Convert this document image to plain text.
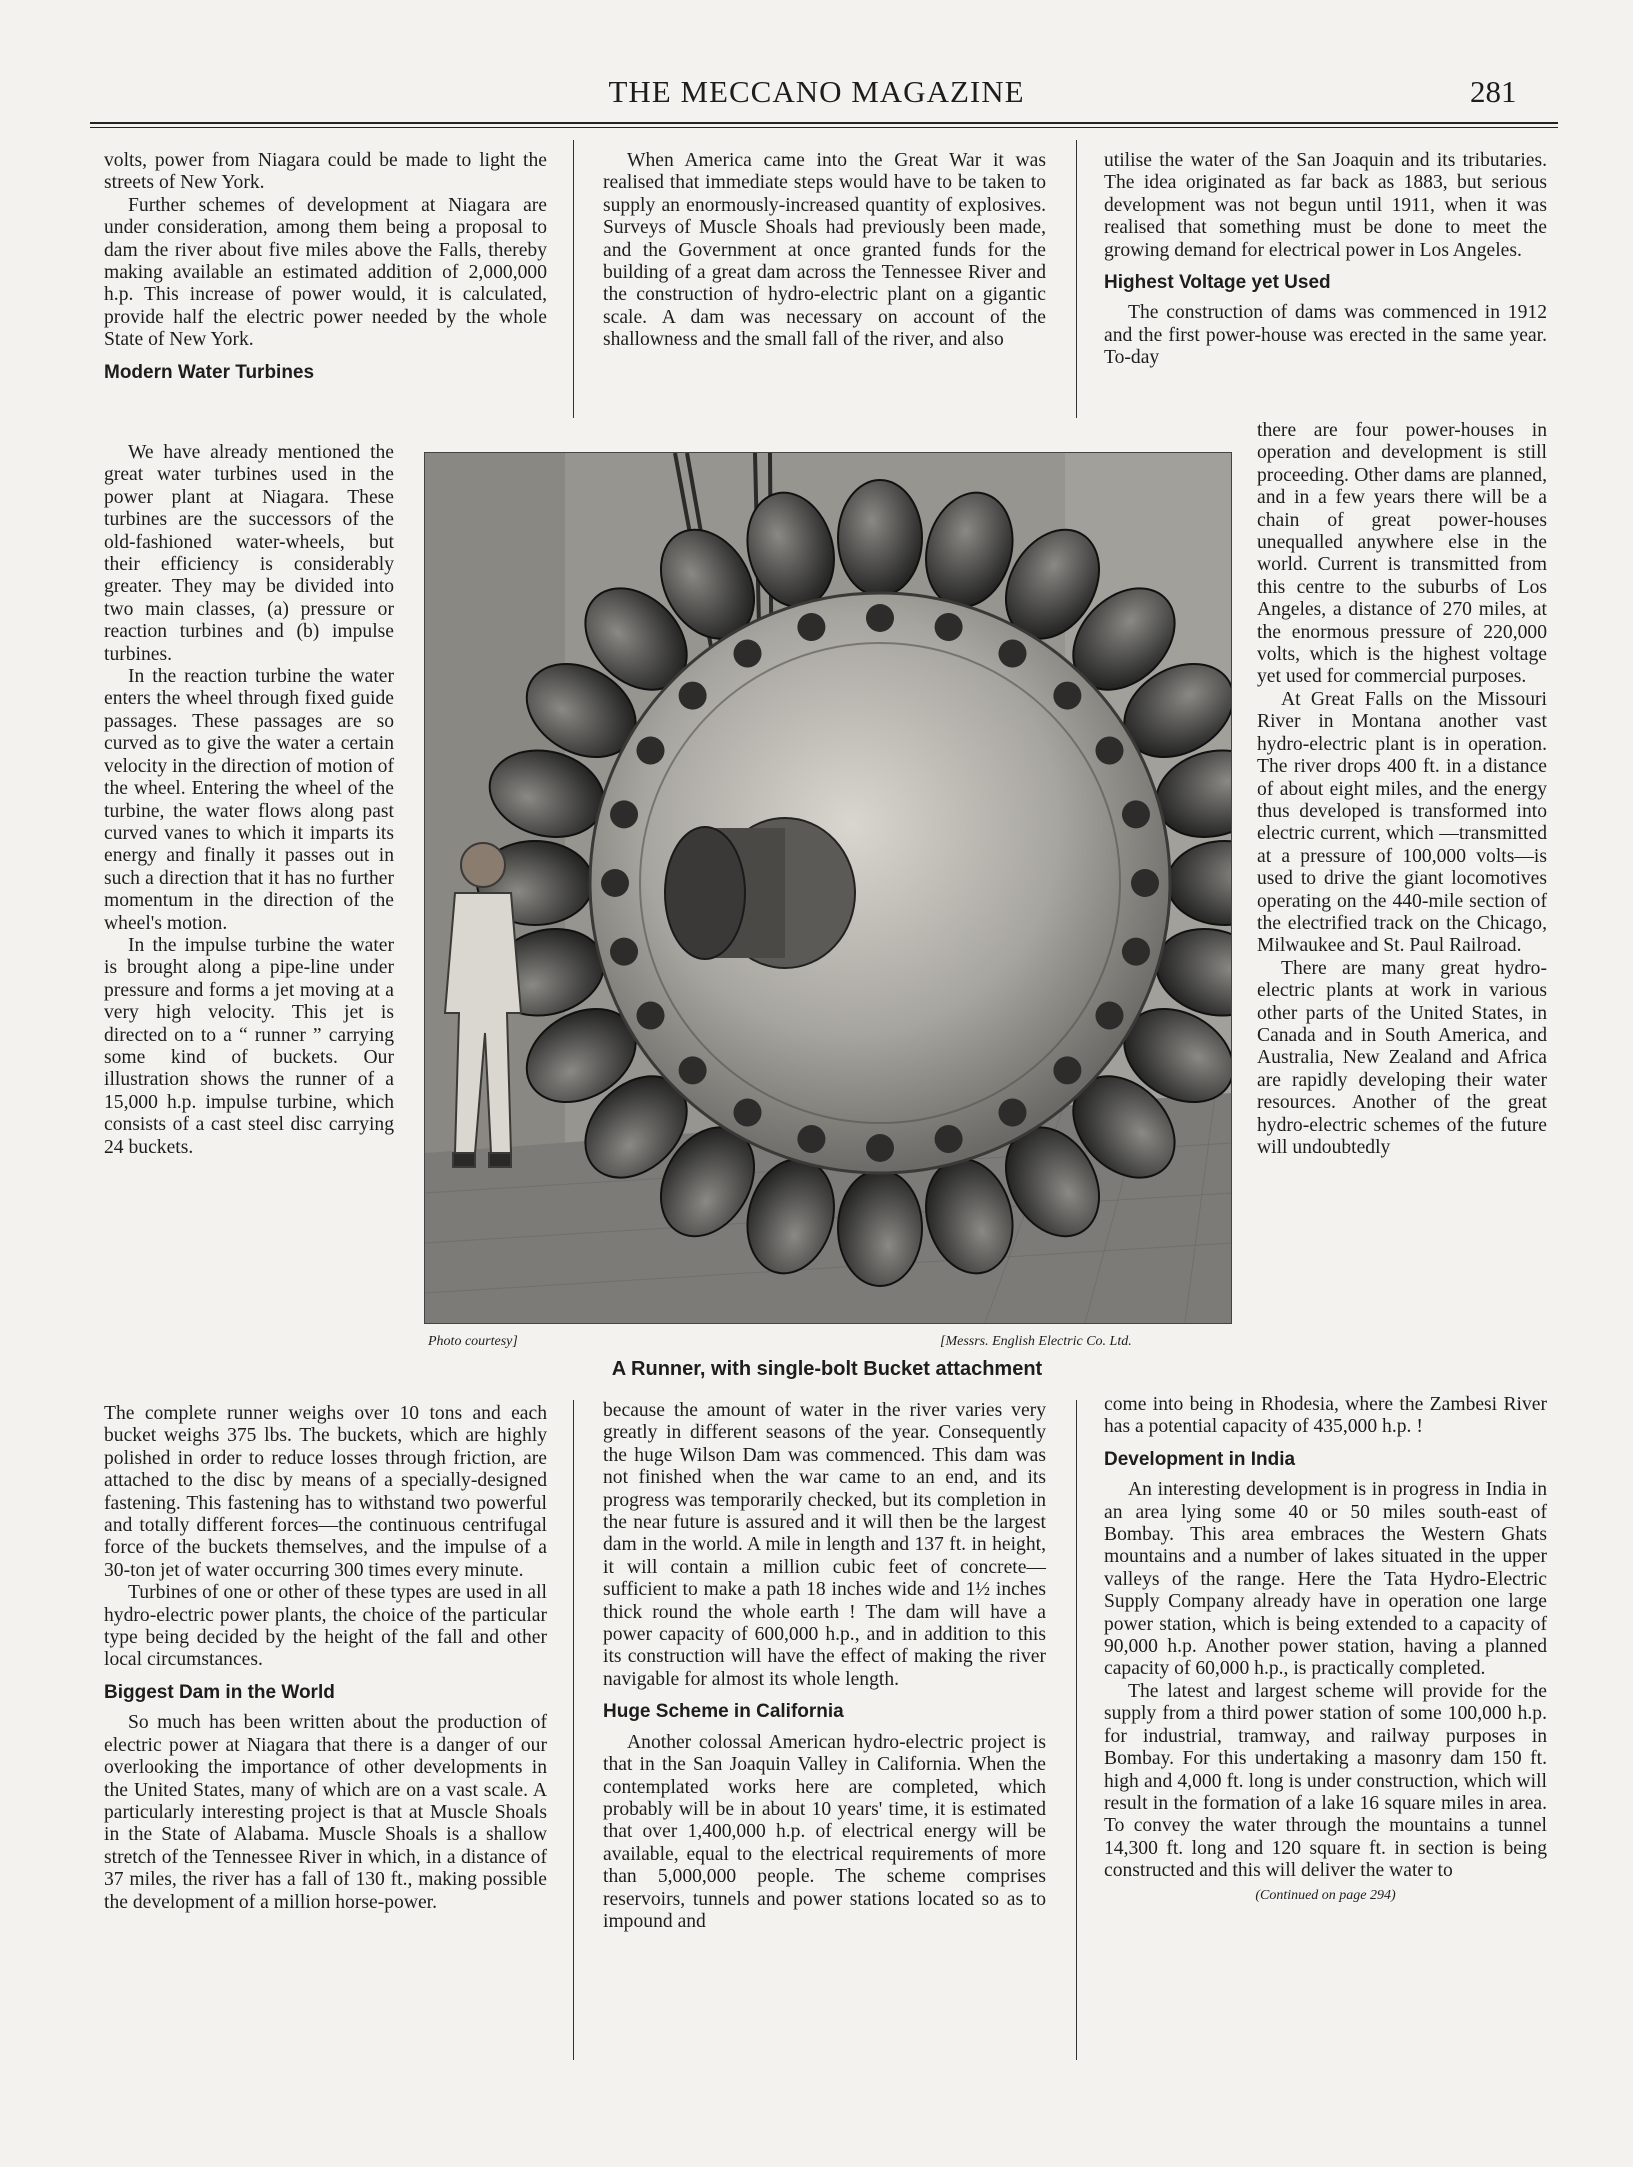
THE MECCANO MAGAZINE	281

volts, power from Niagara could be made to light the streets of New York.

Further schemes of development at Niagara are under consideration, among them being a proposal to dam the river about five miles above the Falls, thereby making available an estimated addition of 2,000,000 h.p. This increase of power would, it is calculated, provide half the electric power needed by the whole State of New York.

Modern Water Turbines

We have already mentioned the great water turbines used in the power plant at Niagara. These turbines are the successors of the old-fashioned water-wheels, but their efficiency is considerably greater. They may be divided into two main classes, (a) pressure or reaction turbines and (b) impulse turbines.

In the reaction turbine the water enters the wheel through fixed guide passages. These passages are so curved as to give the water a certain velocity in the direction of motion of the wheel. Entering the wheel of the turbine, the water flows along past curved vanes to which it imparts its energy and finally it passes out in such a direction that it has no further momentum in the direction of the wheel's motion.

In the impulse turbine the water is brought along a pipe-line under pressure and forms a jet moving at a very high velocity. This jet is directed on to a “ runner ” carrying some kind of buckets. Our illustration shows the runner of a 15,000 h.p. impulse turbine, which consists of a cast steel disc carrying 24 buckets.

The complete runner weighs over 10 tons and each bucket weighs 375 lbs. The buckets, which are highly polished in order to reduce losses through friction, are attached to the disc by means of a specially-designed fastening. This fastening has to withstand two powerful and totally different forces—the continuous centrifugal force of the buckets themselves, and the impulse of a 30-ton jet of water occurring 300 times every minute.

Turbines of one or other of these types are used in all hydro-electric power plants, the choice of the particular type being decided by the height of the fall and other local circumstances.

Biggest Dam in the World

So much has been written about the production of electric power at Niagara that there is a danger of our overlooking the importance of other developments in the United States, many of which are on a vast scale. A particularly interesting project is that at Muscle Shoals in the State of Alabama. Muscle Shoals is a shallow stretch of the Tennessee River in which, in a distance of 37 miles, the river has a fall of 130 ft., making possible the development of a million horse-power.

When America came into the Great War it was realised that immediate steps would have to be taken to supply an enormously-increased quantity of explosives. Surveys of Muscle Shoals had previously been made, and the Government at once granted funds for the building of a great dam across the Tennessee River and the construction of hydro-electric plant on a gigantic scale. A dam was necessary on account of the shallowness and the small fall of the river, and also

because the amount of water in the river varies very greatly in different seasons of the year. Consequently the huge Wilson Dam was commenced. This dam was not finished when the war came to an end, and its progress was temporarily checked, but its completion in the near future is assured and it will then be the largest dam in the world. A mile in length and 137 ft. in height, it will contain a million cubic feet of concrete—sufficient to make a path 18 inches wide and 1½ inches thick round the whole earth ! The dam will have a power capacity of 600,000 h.p., and in addition to this its construction will have the effect of making the river navigable for almost its whole length.

Huge Scheme in California

Another colossal American hydro-electric project is that in the San Joaquin Valley in California. When the contemplated works here are completed, which probably will be in about 10 years' time, it is estimated that over 1,400,000 h.p. of electrical energy will be available, equal to the electrical requirements of more than 5,000,000 people. The scheme comprises reservoirs, tunnels and power stations located so as to impound and

utilise the water of the San Joaquin and its tributaries. The idea originated as far back as 1883, but serious development was not begun until 1911, when it was realised that something must be done to meet the growing demand for electrical power in Los Angeles.

Highest Voltage yet Used

The construction of dams was commenced in 1912 and the first power-house was erected in the same year. To-day

there are four power-houses in operation and development is still proceeding. Other dams are planned, and in a few years there will be a chain of great power-houses unequalled anywhere else in the world. Current is transmitted from this centre to the suburbs of Los Angeles, a distance of 270 miles, at the enormous pressure of 220,000 volts, which is the highest voltage yet used for commercial purposes.

At Great Falls on the Missouri River in Montana another vast hydro-electric plant is in operation. The river drops 400 ft. in a distance of about eight miles, and the energy thus developed is transformed into electric current, which —transmitted at a pressure of 100,000 volts—is used to drive the giant locomotives operating on the 440-mile section of the electrified track on the Chicago, Milwaukee and St. Paul Railroad.

There are many great hydro-electric plants at work in various other parts of the United States, in Canada and in South America, and Australia, New Zealand and Africa are rapidly developing their water resources. Another of the great hydro-electric schemes of the future will undoubtedly

come into being in Rhodesia, where the Zambesi River has a potential capacity of 435,000 h.p. !

Development in India

An interesting development is in progress in India in an area lying some 40 or 50 miles south-east of Bombay. This area embraces the Western Ghats mountains and a number of lakes situated in the upper valleys of the range. Here the Tata Hydro-Electric Supply Company already have in operation one large power station, which is being extended to a capacity of 90,000 h.p. Another power station, having a planned capacity of 60,000 h.p., is practically completed.

The latest and largest scheme will provide for the supply from a third power station of some 100,000 h.p. for industrial, tramway, and railway purposes in Bombay. For this undertaking a masonry dam 150 ft. high and 4,000 ft. long is under construction, which will result in the formation of a lake 16 square miles in area. To convey the water through the mountains a tunnel 14,300 ft. long and 120 square ft. in section is being constructed and this will deliver the water to

(Continued on page 294)
Photo courtesy]	[Messrs. English Electric Co. Ltd.
A Runner, with single-bolt Bucket attachment
